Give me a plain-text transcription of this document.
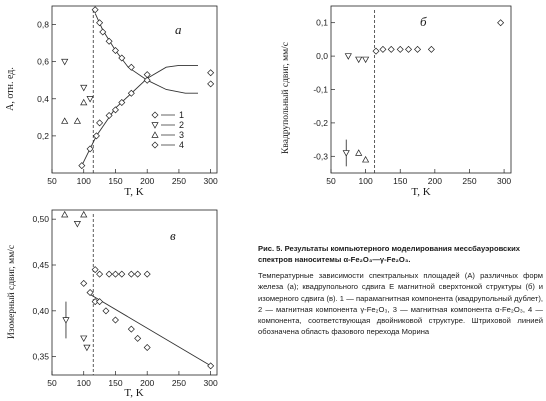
50 100 150 200 250 300
0,2
0,4
0,6
0,8	а
A, отн. ед.
T, K
1
2
3
4
50	100 150 200 250 300
-0,3
-0,2
-0,1
0,0
0,1	б
Квадрупольный сдвиг, мм/с
T, K
50 100 150 200 250 300
0,35
0,40
0,45
0,50
в
Изомерный сдвиг, мм/с
T, K

Рис. 5. Результаты компьютерного моделирования мессбауэровских спектров наноситемы α-Fe₂O₃—γ-Fe₂O₃.

Температурные зависимости спектральных площадей (A) различных форм железа (а); квадрупольного сдвига E магнитной сверхтонкой структуры (б) и изомерного сдвига (в). 1 — парамагнитная компонента (квадрупольный дублет), 2 — магнитная компонента γ-Fe₂O₃, 3 — магнитная компонента α-Fe₂O₃, 4 — компонента, соответствующая двойниковой структуре. Штриховой линией обозначена область фазового перехода Морина
